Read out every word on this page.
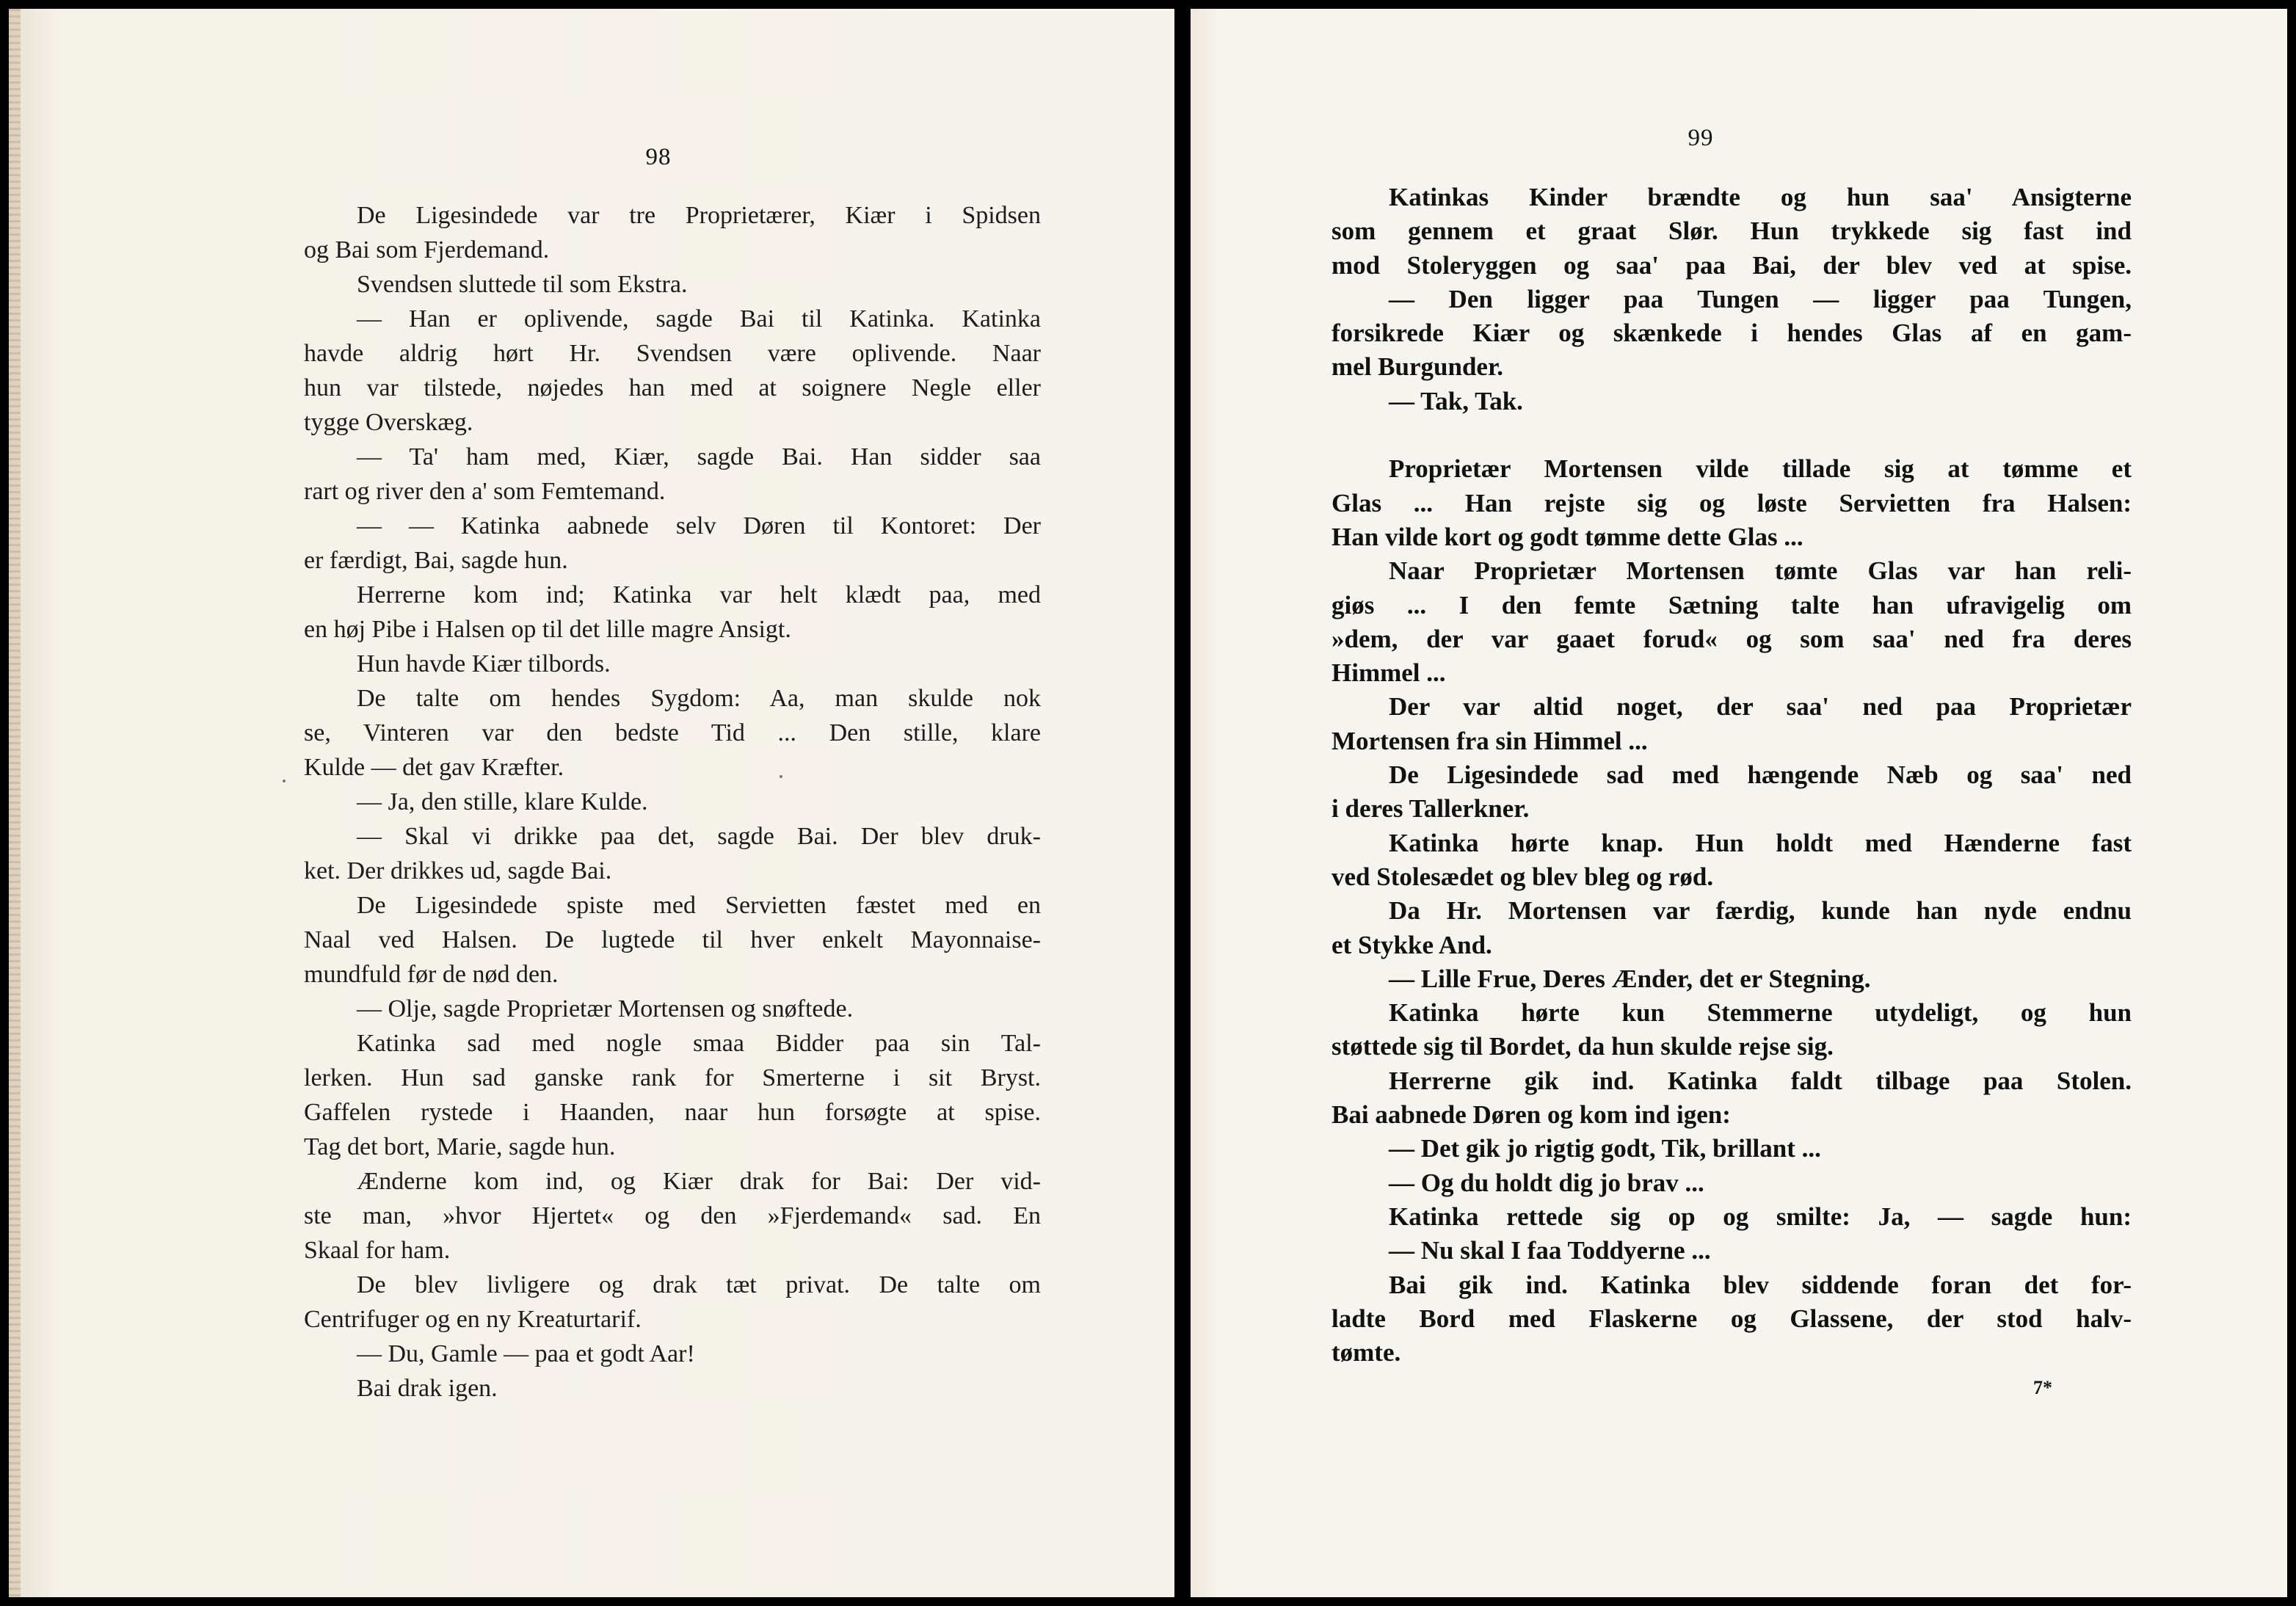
98
De Ligesindede var tre Proprietærer, Kiær i Spidsen
og Bai som Fjerdemand.
Svendsen sluttede til som Ekstra.
— Han er oplivende, sagde Bai til Katinka. Katinka
havde aldrig hørt Hr. Svendsen være oplivende. Naar
hun var tilstede, nøjedes han med at soignere Negle eller
tygge Overskæg.
— Ta' ham med, Kiær, sagde Bai. Han sidder saa
rart og river den a' som Femtemand.
— — Katinka aabnede selv Døren til Kontoret: Der
er færdigt, Bai, sagde hun.
Herrerne kom ind; Katinka var helt klædt paa, med
en høj Pibe i Halsen op til det lille magre Ansigt.
Hun havde Kiær tilbords.
De talte om hendes Sygdom: Aa, man skulde nok
se, Vinteren var den bedste Tid ... Den stille, klare
Kulde — det gav Kræfter.
— Ja, den stille, klare Kulde.
— Skal vi drikke paa det, sagde Bai. Der blev druk-
ket. Der drikkes ud, sagde Bai.
De Ligesindede spiste med Servietten fæstet med en
Naal ved Halsen. De lugtede til hver enkelt Mayonnaise-
mundfuld før de nød den.
— Olje, sagde Proprietær Mortensen og snøftede.
Katinka sad med nogle smaa Bidder paa sin Tal-
lerken. Hun sad ganske rank for Smerterne i sit Bryst.
Gaffelen rystede i Haanden, naar hun forsøgte at spise.
Tag det bort, Marie, sagde hun.
Ænderne kom ind, og Kiær drak for Bai: Der vid-
ste man, »hvor Hjertet« og den »Fjerdemand« sad. En
Skaal for ham.
De blev livligere og drak tæt privat. De talte om
Centrifuger og en ny Kreaturtarif.
— Du, Gamle — paa et godt Aar!
Bai drak igen.
99
Katinkas Kinder brændte og hun saa' Ansigterne
som gennem et graat Slør. Hun trykkede sig fast ind
mod Stoleryggen og saa' paa Bai, der blev ved at spise.
— Den ligger paa Tungen — ligger paa Tungen,
forsikrede Kiær og skænkede i hendes Glas af en gam-
mel Burgunder.
— Tak, Tak.

Proprietær Mortensen vilde tillade sig at tømme et
Glas ... Han rejste sig og løste Servietten fra Halsen:
Han vilde kort og godt tømme dette Glas ...
Naar Proprietær Mortensen tømte Glas var han reli-
giøs ... I den femte Sætning talte han ufravigelig om
»dem, der var gaaet forud« og som saa' ned fra deres
Himmel ...
Der var altid noget, der saa' ned paa Proprietær
Mortensen fra sin Himmel ...
De Ligesindede sad med hængende Næb og saa' ned
i deres Tallerkner.
Katinka hørte knap. Hun holdt med Hænderne fast
ved Stolesædet og blev bleg og rød.
Da Hr. Mortensen var færdig, kunde han nyde endnu
et Stykke And.
— Lille Frue, Deres Ænder, det er Stegning.
Katinka hørte kun Stemmerne utydeligt, og hun
støttede sig til Bordet, da hun skulde rejse sig.
Herrerne gik ind. Katinka faldt tilbage paa Stolen.
Bai aabnede Døren og kom ind igen:
— Det gik jo rigtig godt, Tik, brillant ...
— Og du holdt dig jo brav ...
Katinka rettede sig op og smilte: Ja, — sagde hun:
— Nu skal I faa Toddyerne ...
Bai gik ind. Katinka blev siddende foran det for-
ladte Bord med Flaskerne og Glassene, der stod halv-
tømte.
7*
